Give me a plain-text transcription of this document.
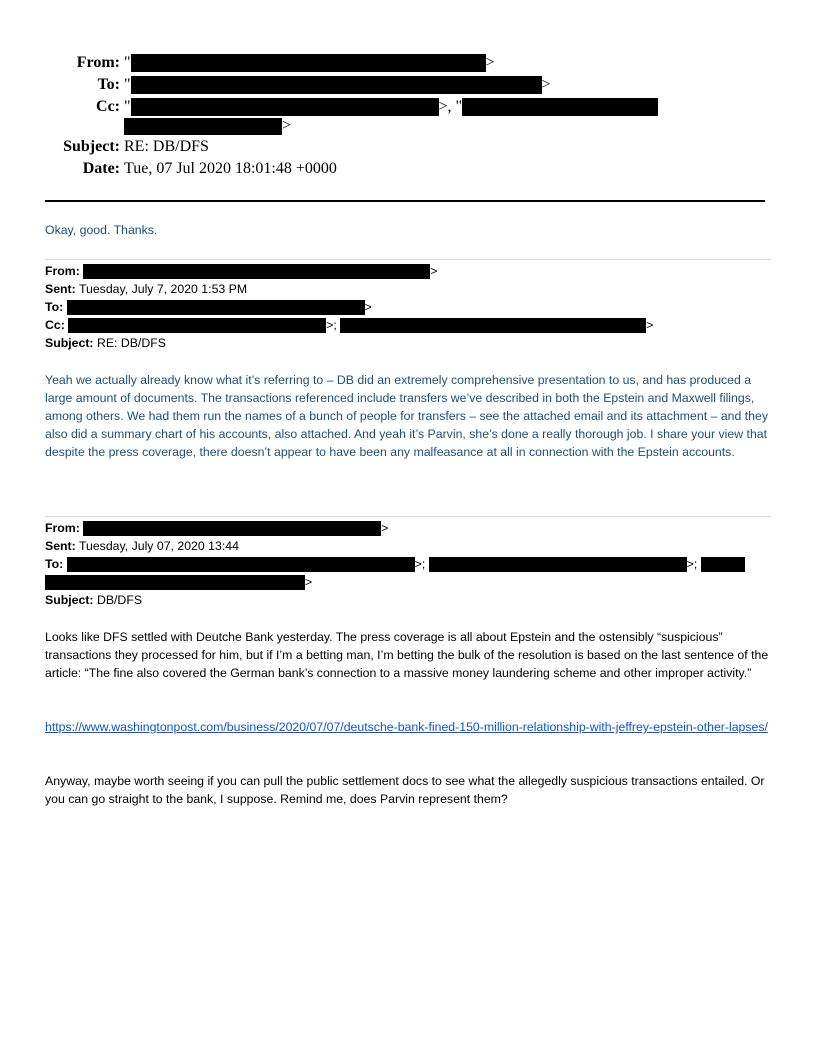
From: "	>
To: "	>
Cc: "	>, "
>
Subject: RE: DB/DFS
Date: Tue, 07 Jul 2020 18:01:48 +0000
Okay, good. Thanks.
From:	>
Sent: Tuesday, July 7, 2020 1:53 PM
To:	>
Cc:	>;	>
Subject: RE: DB/DFS
Yeah we actually already know what it’s referring to – DB did an extremely comprehensive presentation to us, and has produced a large amount of documents. The transactions referenced include transfers we’ve described in both the Epstein and Maxwell filings, among others. We had them run the names of a bunch of people for transfers – see the attached email and its attachment – and they also did a summary chart of his accounts, also attached. And yeah it’s Parvin, she’s done a really thorough job. I share your view that despite the press coverage, there doesn’t appear to have been any malfeasance at all in connection with the Epstein accounts.
From:	>
Sent: Tuesday, July 07, 2020 13:44
To:	>;	>;
>
Subject: DB/DFS
Looks like DFS settled with Deutche Bank yesterday. The press coverage is all about Epstein and the ostensibly “suspicious” transactions they processed for him, but if I’m a betting man, I’m betting the bulk of the resolution is based on the last sentence of the article: “The fine also covered the German bank’s connection to a massive money laundering scheme and other improper activity.”
https://www.washingtonpost.com/business/2020/07/07/deutsche-bank-fined-150-million-relationship-with-jeffrey-epstein-other-lapses/
Anyway, maybe worth seeing if you can pull the public settlement docs to see what the allegedly suspicious transactions entailed. Or you can go straight to the bank, I suppose. Remind me, does Parvin represent them?
